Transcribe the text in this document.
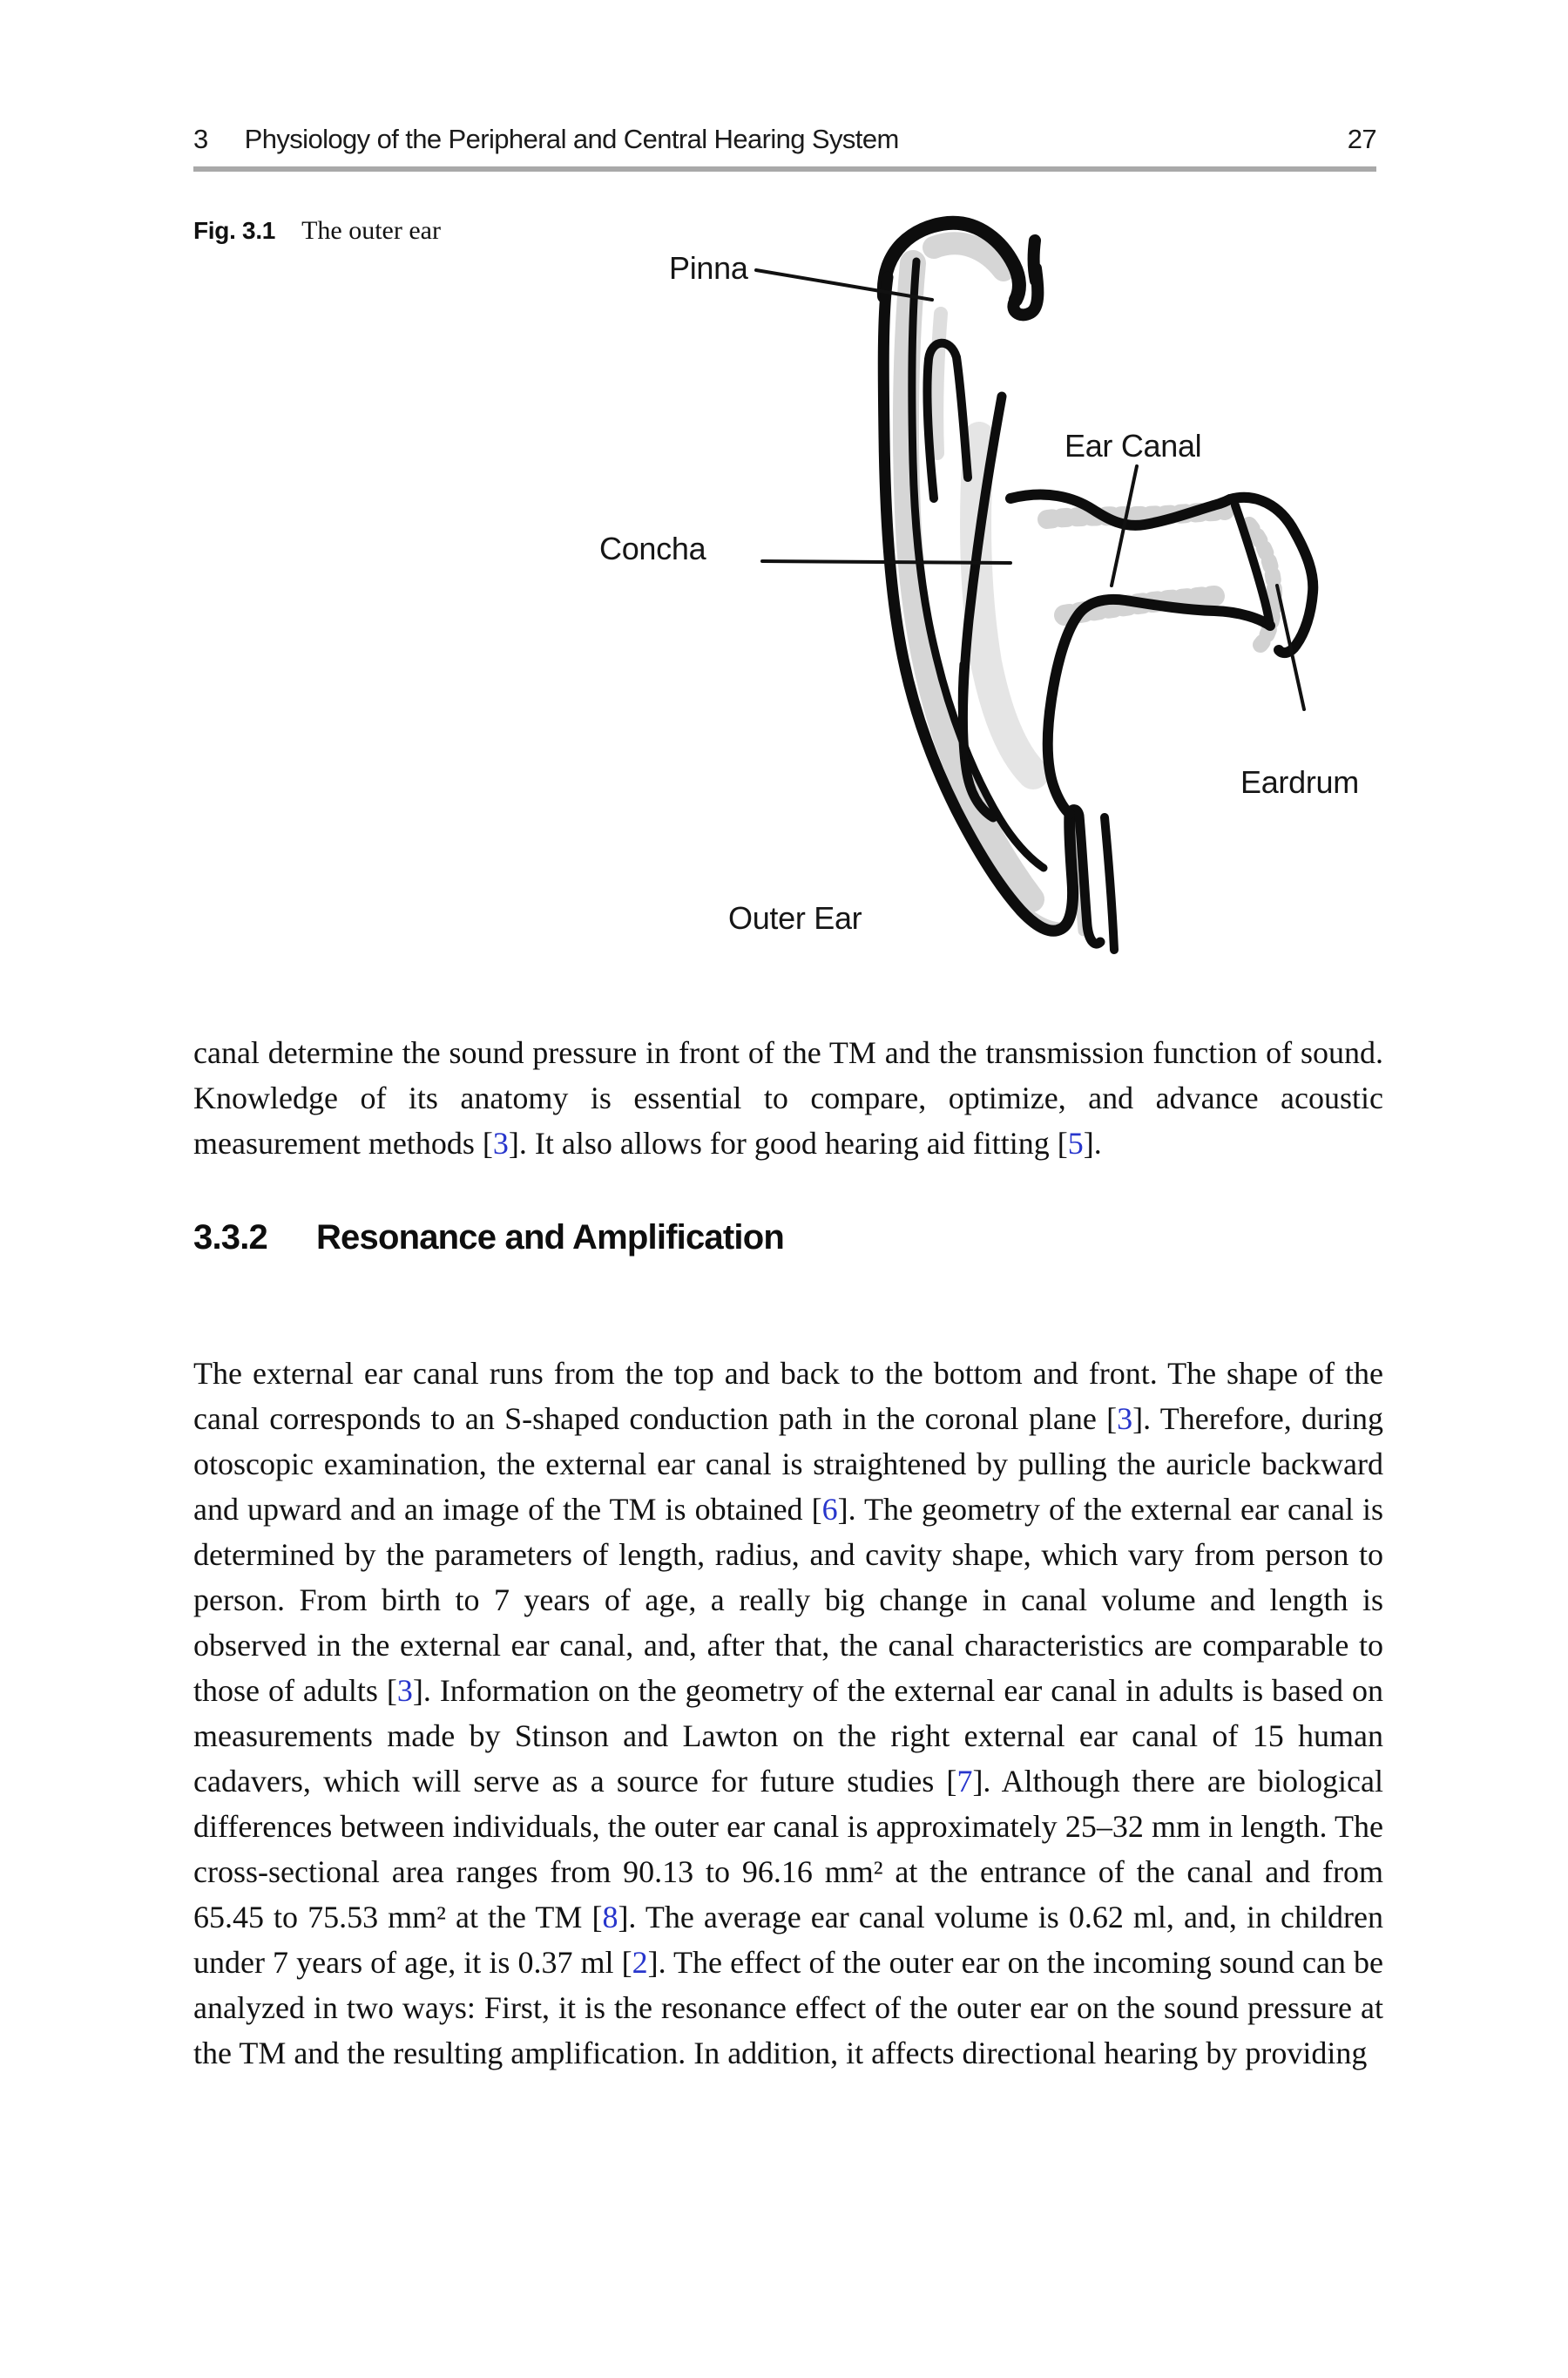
3 Physiology of the Peripheral and Central Hearing System	27
Fig. 3.1 The outer ear
Pinna
Ear Canal
Concha
Eardrum
Outer Ear

canal determine the sound pressure in front of the TM and the transmission function of sound. Knowledge of its anatomy is essential to compare, optimize, and advance acoustic measurement methods [3]. It also allows for good hearing aid fitting [5].

3.3.2 Resonance and Amplification

The external ear canal runs from the top and back to the bottom and front. The shape of the canal corresponds to an S-shaped conduction path in the coronal plane [3]. Therefore, during otoscopic examination, the external ear canal is straightened by pulling the auricle backward and upward and an image of the TM is obtained [6]. The geometry of the external ear canal is determined by the parameters of length, radius, and cavity shape, which vary from person to person. From birth to 7 years of age, a really big change in canal volume and length is observed in the external ear canal, and, after that, the canal characteristics are comparable to those of adults [3]. Information on the geometry of the external ear canal in adults is based on measurements made by Stinson and Lawton on the right external ear canal of 15 human cadavers, which will serve as a source for future studies [7]. Although there are biological differences between individuals, the outer ear canal is approximately 25–32 mm in length. The cross-sectional area ranges from 90.13 to 96.16 mm² at the entrance of the canal and from 65.45 to 75.53 mm² at the TM [8]. The average ear canal volume is 0.62 ml, and, in children under 7 years of age, it is 0.37 ml [2]. The effect of the outer ear on the incoming sound can be analyzed in two ways: First, it is the resonance effect of the outer ear on the sound pressure at the TM and the resulting amplification. In addition, it affects directional hearing by providing
